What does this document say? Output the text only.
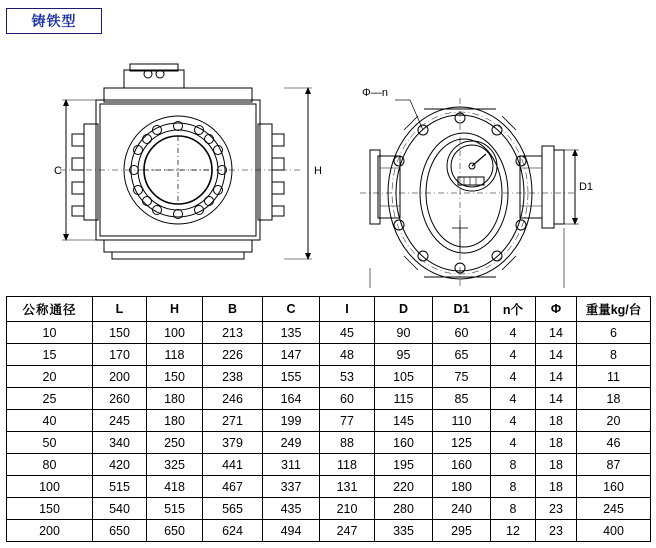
铸铁型
C	H
Φ—n
D1
公称通径	L	H	B	C	I	D	D1	n个	Φ	重量kg/台
10	150	100	213	135	45	90	60	4	14	6
15	170	118	226	147	48	95	65	4	14	8
20	200	150	238	155	53	105	75	4	14	11
25	260	180	246	164	60	115	85	4	14	18
40	245	180	271	199	77	145	110	4	18	20
50	340	250	379	249	88	160	125	4	18	46
80	420	325	441	311	118	195	160	8	18	87
100	515	418	467	337	131	220	180	8	18	160
150	540	515	565	435	210	280	240	8	23	245
200	650	650	624	494	247	335	295	12	23	400
